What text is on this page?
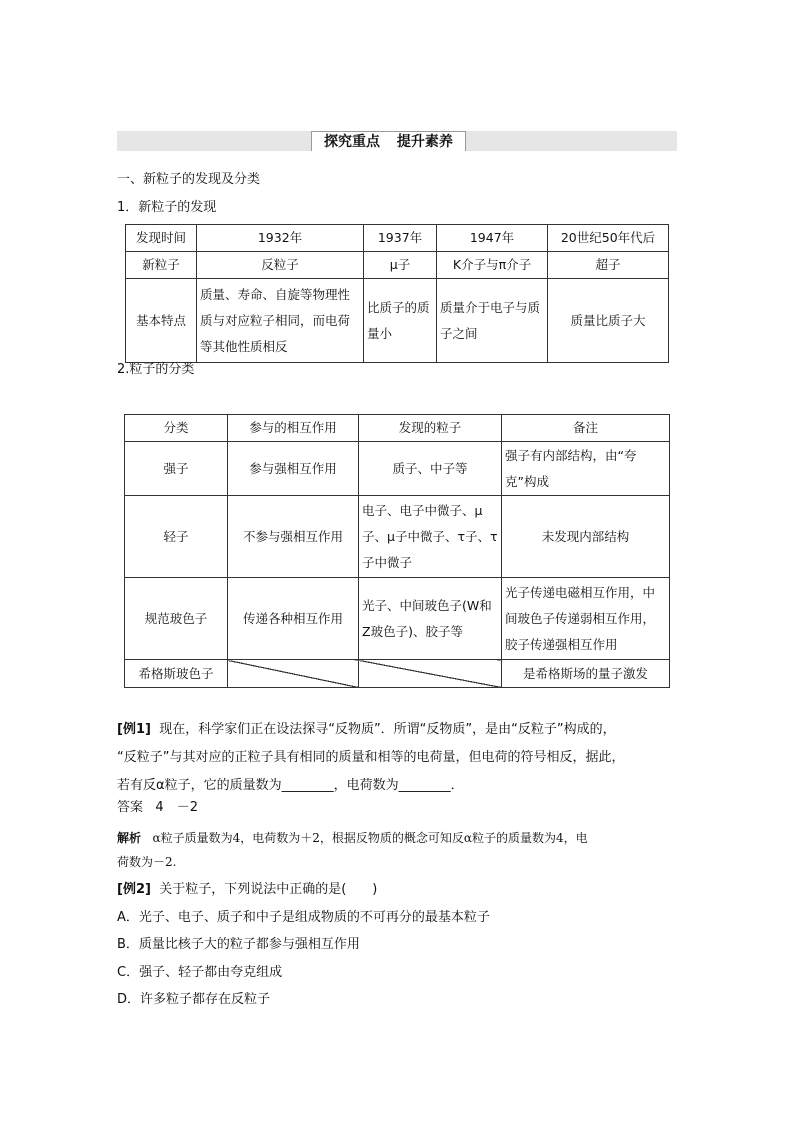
探究重点 提升素养
一、新粒子的发现及分类
1．新粒子的发现
发现时间	1932年	1937年	1947年	20世纪50年代后
新粒子	反粒子	μ子	K介子与π介子	超子
基本特点	质量、寿命、自旋等物理性质与对应粒子相同，而电荷等其他性质相反	比质子的质量小	质量介于电子与质子之间	质量比质子大
2.粒子的分类
分类	参与的相互作用	发现的粒子	备注
强子	参与强相互作用	质子、中子等	强子有内部结构，由“夸克”构成
轻子	不参与强相互作用	电子、电子中微子、μ子、μ子中微子、τ子、τ子中微子	未发现内部结构
规范玻色子	传递各种相互作用	光子、中间玻色子(W和Z玻色子)、胶子等	光子传递电磁相互作用，中间玻色子传递弱相互作用，胶子传递强相互作用
希格斯玻色子			是希格斯场的量子激发
[例1] 现在，科学家们正在设法探寻“反物质”．所谓“反物质”，是由“反粒子”构成的，
“反粒子”与其对应的正粒子具有相同的质量和相等的电荷量，但电荷的符号相反，据此，
若有反α粒子，它的质量数为________，电荷数为________．
答案 4　－2
解析 α粒子质量数为4，电荷数为＋2，根据反物质的概念可知反α粒子的质量数为4，电
荷数为－2.
[例2] 关于粒子，下列说法中正确的是(　　)
A．光子、电子、质子和中子是组成物质的不可再分的最基本粒子
B．质量比核子大的粒子都参与强相互作用
C．强子、轻子都由夸克组成
D．许多粒子都存在反粒子
